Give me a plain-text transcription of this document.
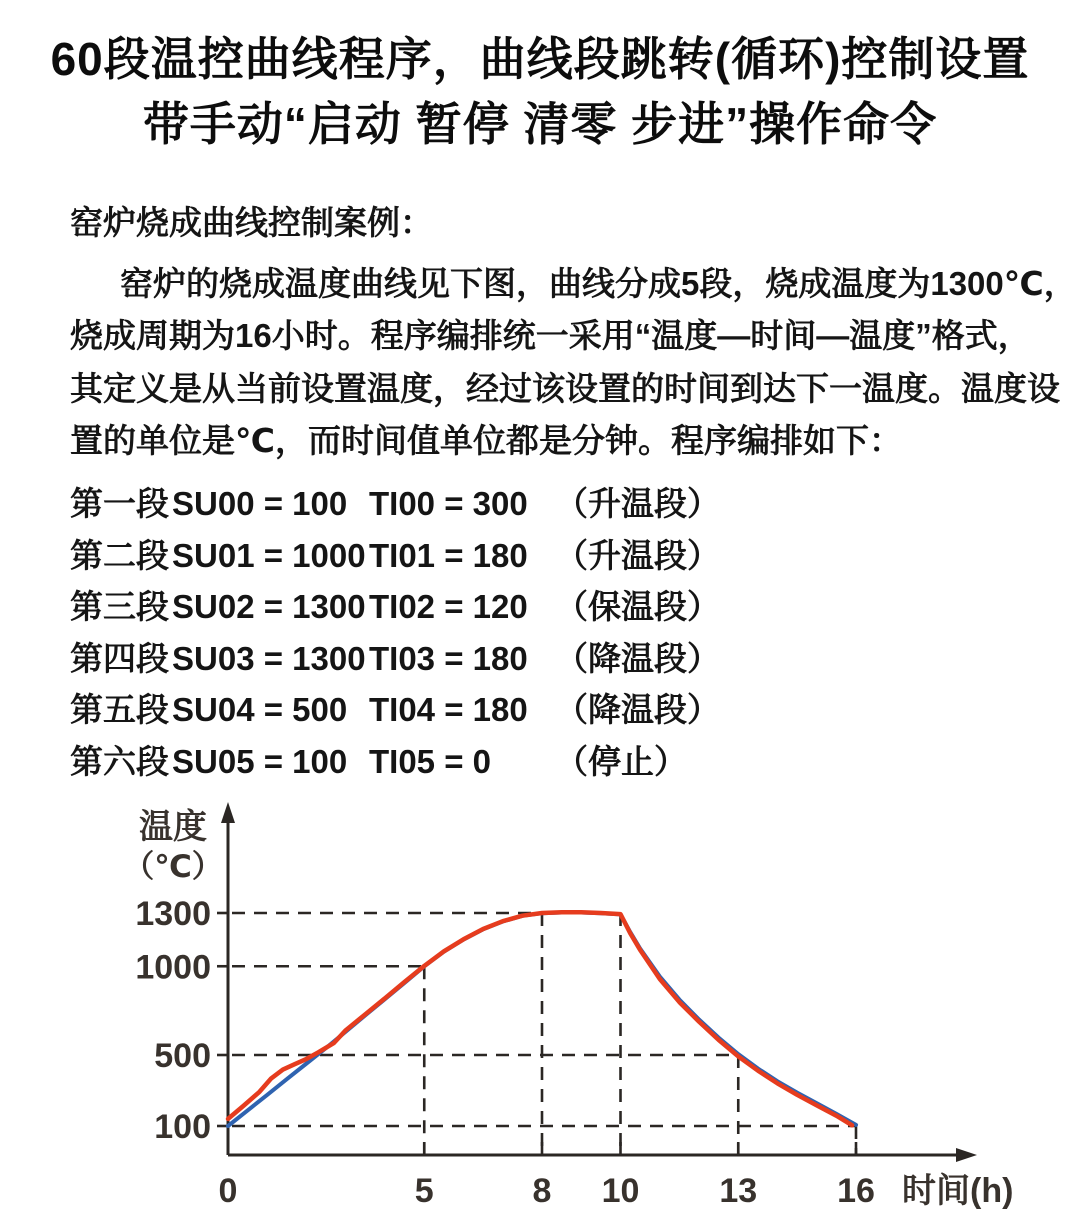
60段温控曲线程序，曲线段跳转(循环)控制设置
带手动“启动 暂停 清零 步进”操作命令
窑炉烧成曲线控制案例：
窑炉的烧成温度曲线见下图，曲线分成5段，烧成温度为1300℃，
烧成周期为16小时。程序编排统一采用“温度—时间—温度”格式，
其定义是从当前设置温度，经过该设置的时间到达下一温度。温度设
置的单位是℃，而时间值单位都是分钟。程序编排如下：
第一段 SU00 = 100 TI00 = 300 （升温段）
第二段 SU01 = 1000 TI01 = 180 （升温段）
第三段 SU02 = 1300 TI02 = 120 （保温段）
第四段 SU03 = 1300 TI03 = 180 （降温段）
第五段 SU04 = 500 TI04 = 180 （降温段）
第六段 SU05 = 100 TI05 = 0	（停止）
100
500
1000
1300
0	5	8 10 13 16
温度
（℃）
时间(h)
